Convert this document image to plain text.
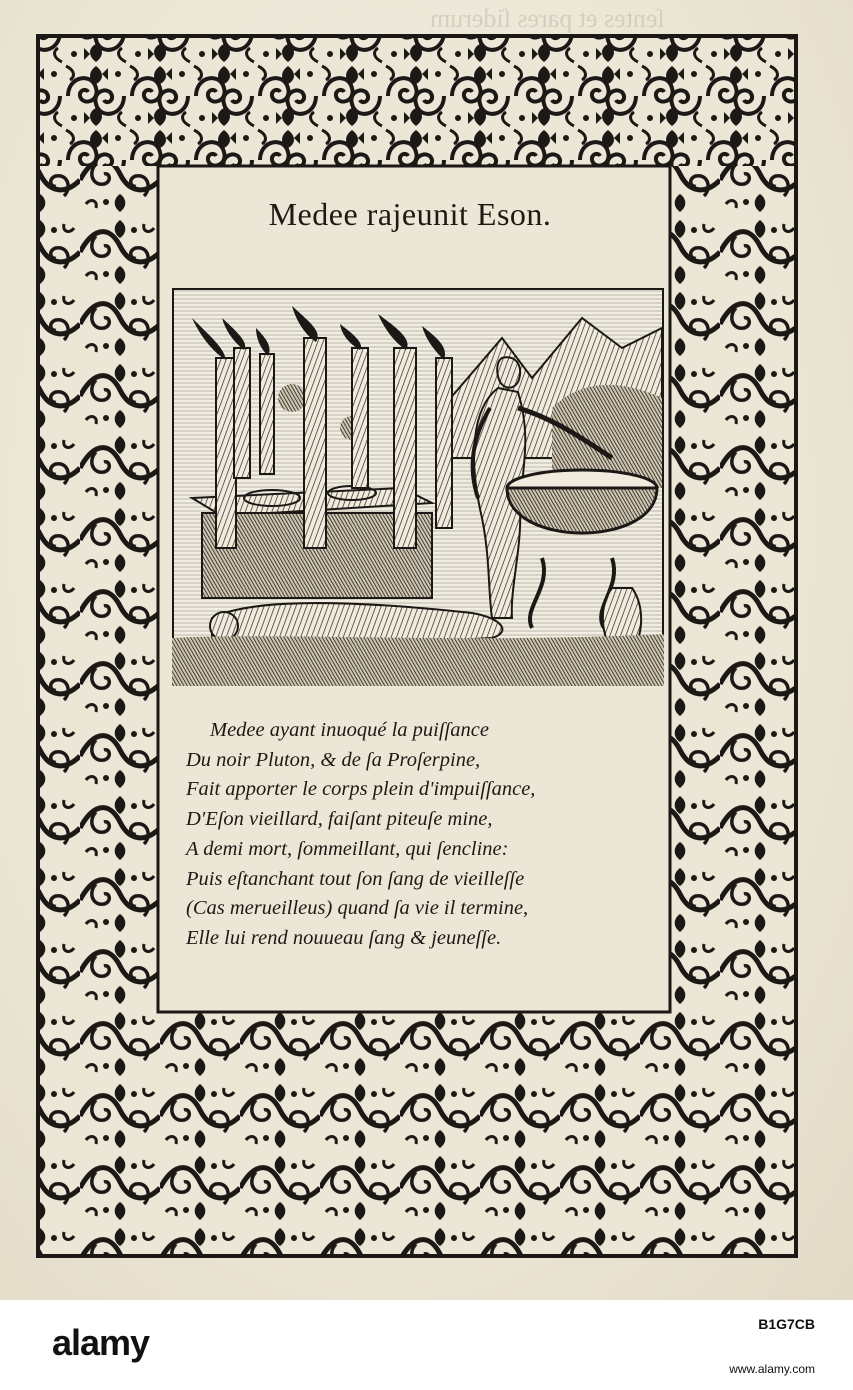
ſentes et pares ſiderum
Medee rajeunit Eson.
Medee ayant inuoqué la puiſſance
Du noir Pluton, & de ſa Proſerpine,
Fait apporter le corps plein d'impuiſſance,
D'Eſon vieillard, faiſant piteuſe mine,
A demi mort, ſommeillant, qui ſencline:
Puis eſtanchant tout ſon ſang de vieilleſſe
(Cas merueilleus) quand ſa vie il termine,
Elle lui rend nouueau ſang & jeuneſſe.
alamy	B1G7CB
www.alamy.com
